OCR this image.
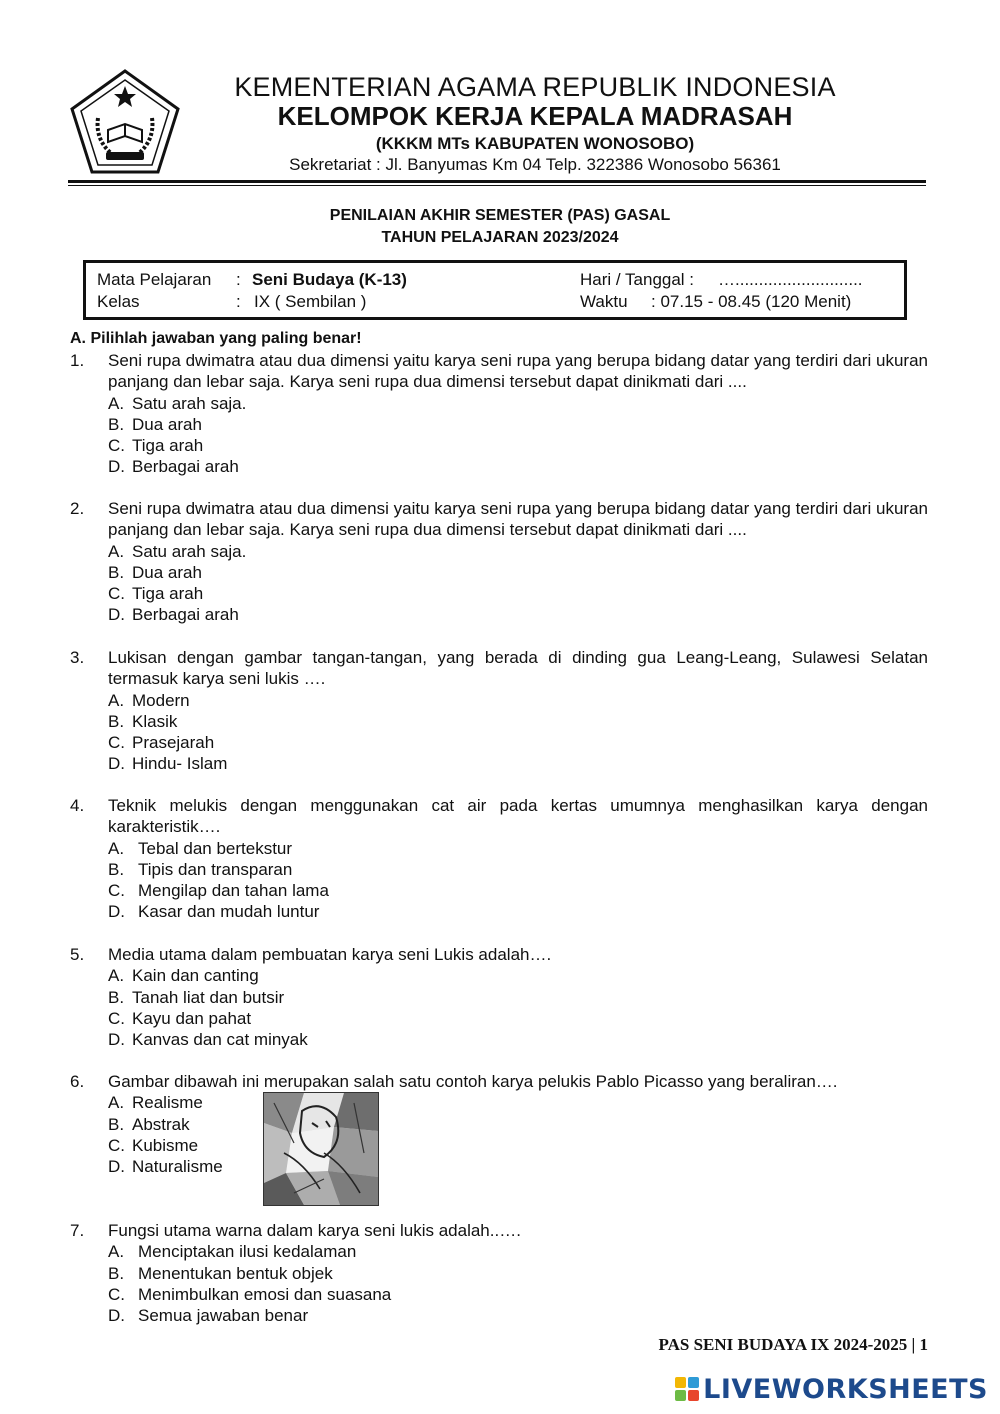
KEMENTERIAN AGAMA REPUBLIK INDONESIA
KELOMPOK KERJA KEPALA MADRASAH
(KKKM MTs KABUPATEN WONOSOBO)
Sekretariat : Jl. Banyumas Km 04 Telp. 322386 Wonosobo 56361
PENILAIAN AKHIR SEMESTER (PAS) GASAL
TAHUN PELAJARAN 2023/2024
Mata Pelajaran : Seni Budaya (K-13)
Kelas	: IX ( Sembilan )
Hari / Tanggal : …...........................
Waktu : 07.15 - 08.45 (120 Menit)
A. Pilihlah jawaban yang paling benar!
1. Seni rupa dwimatra atau dua dimensi yaitu karya seni rupa yang berupa bidang datar yang terdiri dari ukuran panjang dan lebar saja. Karya seni rupa dua dimensi tersebut dapat dinikmati dari ....
A. Satu arah saja.
B. Dua arah
C. Tiga arah
D. Berbagai arah
2. Seni rupa dwimatra atau dua dimensi yaitu karya seni rupa yang berupa bidang datar yang terdiri dari ukuran panjang dan lebar saja. Karya seni rupa dua dimensi tersebut dapat dinikmati dari ....
A. Satu arah saja.
B. Dua arah
C. Tiga arah
D. Berbagai arah
3. Lukisan dengan gambar tangan-tangan, yang berada di dinding gua Leang-Leang, Sulawesi Selatan termasuk karya seni lukis ….
A. Modern
B. Klasik
C. Prasejarah
D. Hindu- Islam
4. Teknik melukis dengan menggunakan cat air pada kertas umumnya menghasilkan karya dengan karakteristik….
A. Tebal dan bertekstur
B. Tipis dan transparan
C. Mengilap dan tahan lama
D. Kasar dan mudah luntur
5. Media utama dalam pembuatan karya seni Lukis adalah….
A. Kain dan canting
B. Tanah liat dan butsir
C. Kayu dan pahat
D. Kanvas dan cat minyak
6. Gambar dibawah ini merupakan salah satu contoh karya pelukis Pablo Picasso yang beraliran….
A. Realisme
B. Abstrak
C. Kubisme
D. Naturalisme
7. Fungsi utama warna dalam karya seni lukis adalah..….
A. Menciptakan ilusi kedalaman
B. Menentukan bentuk objek
C. Menimbulkan emosi dan suasana
D. Semua jawaban benar
PAS SENI BUDAYA IX 2024-2025 | 1
LIVEWORKSHEETS
